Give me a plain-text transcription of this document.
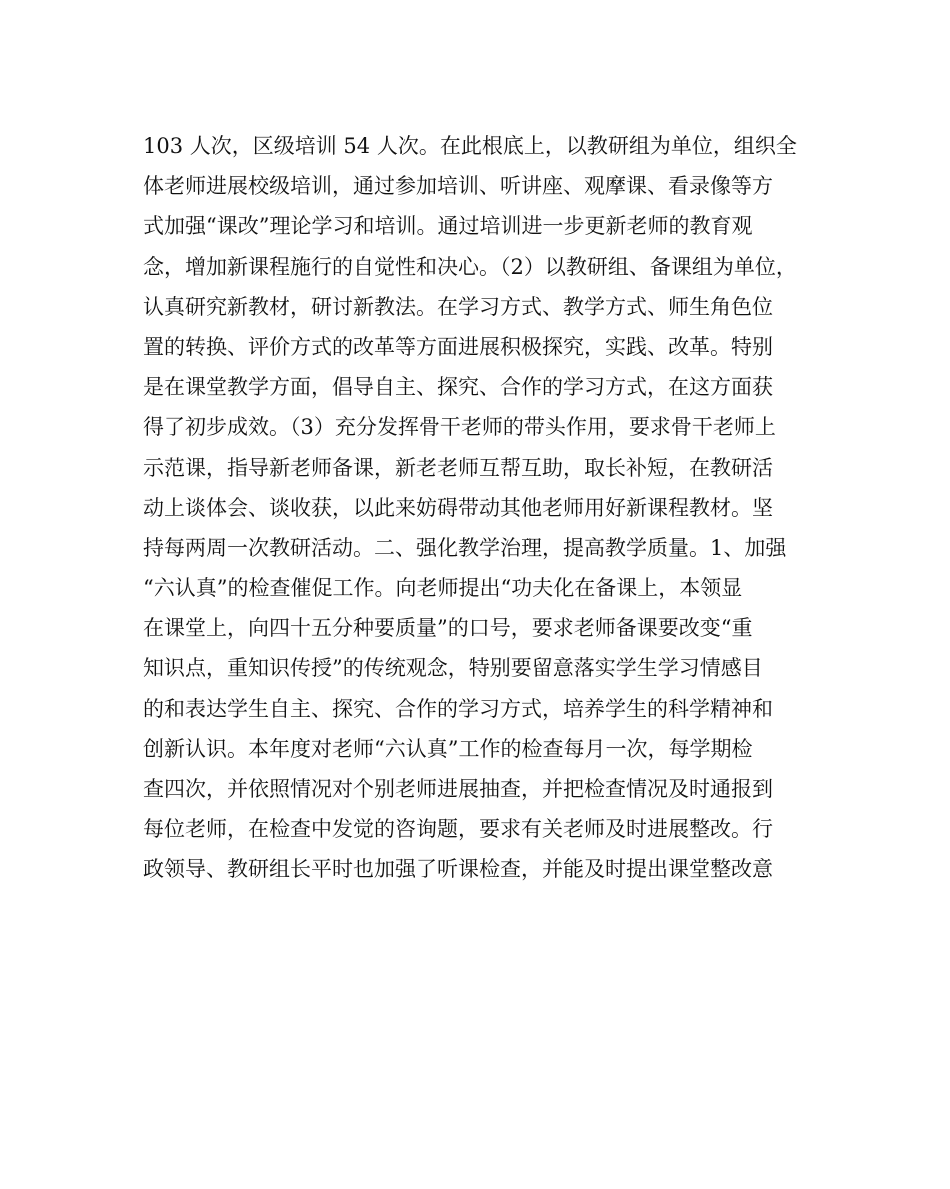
103 人次，区级培训 54 人次。在此根底上，以教研组为单位，组织全
体老师进展校级培训，通过参加培训、听讲座、观摩课、看录像等方
式加强“课改”理论学习和培训。通过培训进一步更新老师的教育观
念，增加新课程施行的自觉性和决心。（2）以教研组、备课组为单位，
认真研究新教材，研讨新教法。在学习方式、教学方式、师生角色位
置的转换、评价方式的改革等方面进展积极探究，实践、改革。特别
是在课堂教学方面，倡导自主、探究、合作的学习方式，在这方面获
得了初步成效。（3）充分发挥骨干老师的带头作用，要求骨干老师上
示范课，指导新老师备课，新老老师互帮互助，取长补短，在教研活
动上谈体会、谈收获，以此来妨碍带动其他老师用好新课程教材。坚
持每两周一次教研活动。二、强化教学治理，提高教学质量。1、加强
“六认真”的检查催促工作。向老师提出“功夫化在备课上，本领显
在课堂上，向四十五分种要质量”的口号，要求老师备课要改变“重
知识点，重知识传授”的传统观念，特别要留意落实学生学习情感目
的和表达学生自主、探究、合作的学习方式，培养学生的科学精神和
创新认识。本年度对老师“六认真”工作的检查每月一次，每学期检
查四次，并依照情况对个别老师进展抽查，并把检查情况及时通报到
每位老师，在检查中发觉的咨询题，要求有关老师及时进展整改。行
政领导、教研组长平时也加强了听课检查，并能及时提出课堂整改意
